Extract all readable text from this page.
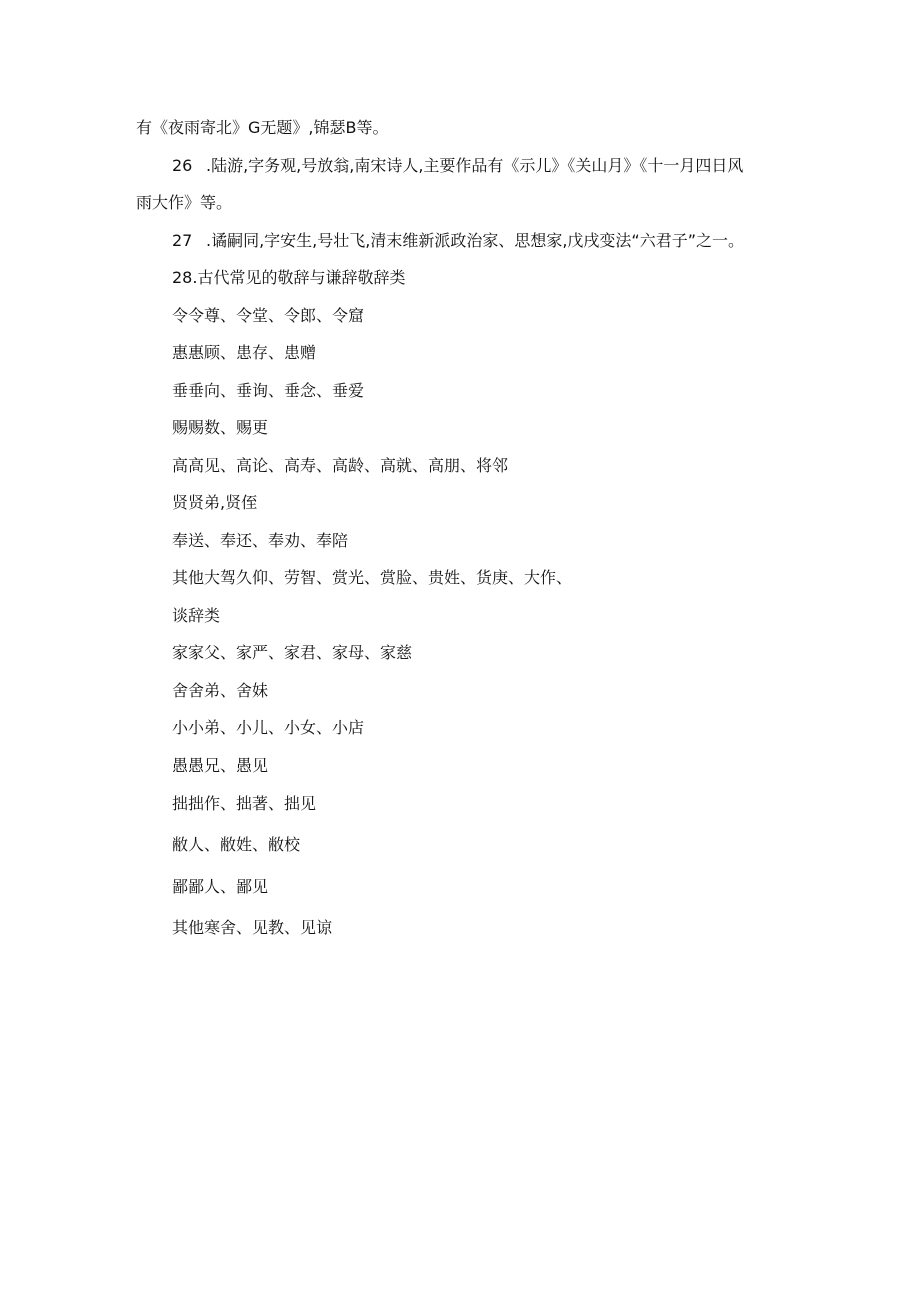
有《夜雨寄北》G无题》,锦瑟B等。
26 .陆游,字务观,号放翁,南宋诗人,主要作品有《示儿》《关山月》《十一月四日风
雨大作》等。
27 .谲嗣同,字安生,号壮飞,清末维新派政治家、思想家,戊戌变法“六君子”之一。
28.古代常见的敬辞与谦辞敬辞类
令令尊、令堂、令郎、令窟
惠惠顾、患存、患赠
垂垂向、垂询、垂念、垂爱
赐赐数、赐更
高高见、高论、高寿、高龄、高就、高朋、将邻
贤贤弟,贤侄
奉送、奉还、奉劝、奉陪
其他大驾久仰、劳智、赏光、赏脸、贵姓、货庚、大作、
谈辞类
家家父、家严、家君、家母、家慈
舍舍弟、舍妹
小小弟、小儿、小女、小店
愚愚兄、愚见
拙拙作、拙著、拙见
敝人、敝姓、敝校
鄙鄙人、鄙见
其他寒舍、见教、见谅
